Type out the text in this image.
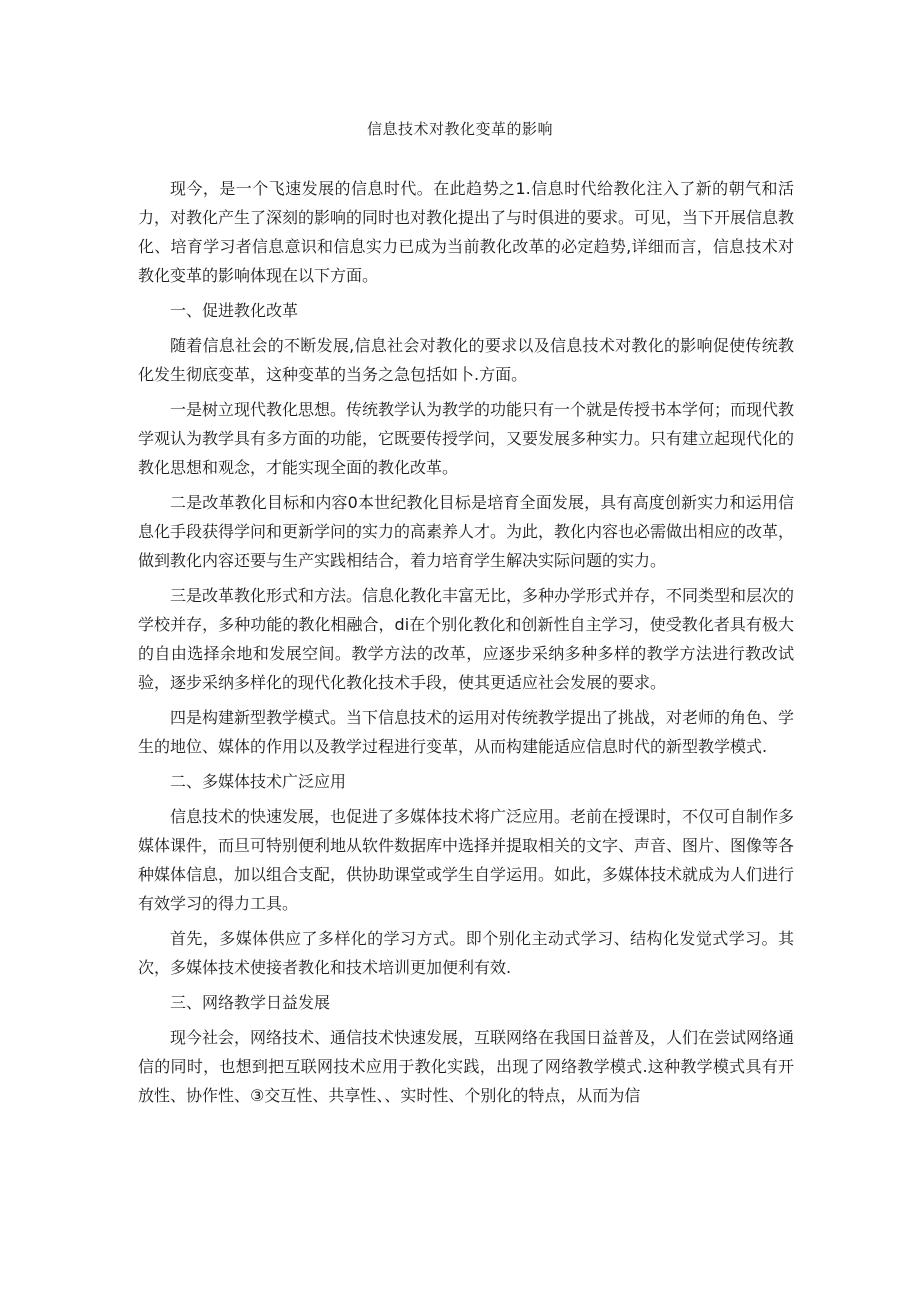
信息技术对教化变革的影响

现今，是一个飞速发展的信息时代。在此趋势之1.信息时代给教化注入了新的朝气和活力，对教化产生了深刻的影响的同时也对教化提出了与时俱进的要求。可见，当下开展信息教化、培育学习者信息意识和信息实力已成为当前教化改革的必定趋势,详细而言，信息技术对教化变革的影响体现在以下方面。

一、促进教化改革

随着信息社会的不断发展,信息社会对教化的要求以及信息技术对教化的影响促使传统教化发生彻底变革，这种变革的当务之急包括如卜.方面。

一是树立现代教化思想。传统教学认为教学的功能只有一个就是传授书本学何；而现代教学观认为教学具有多方面的功能，它既要传授学问，又要发展多种实力。只有建立起现代化的教化思想和观念，才能实现全面的教化改革。

二是改革教化目标和内容0本世纪教化目标是培育全面发展，具有高度创新实力和运用信息化手段获得学问和更新学问的实力的高素养人才。为此，教化内容也必需做出相应的改革，做到教化内容还要与生产实践相结合，着力培育学生解决实际问题的实力。

三是改革教化形式和方法。信息化教化丰富无比，多种办学形式并存，不同类型和层次的学校并存，多种功能的教化相融合，di在个别化教化和创新性自主学习，使受教化者具有极大的自由选择余地和发展空间。教学方法的改革，应逐步采纳多种多样的教学方法进行教改试验，逐步采纳多样化的现代化教化技术手段，使其更适应社会发展的要求。

四是构建新型教学模式。当下信息技术的运用对传统教学提出了挑战，对老师的角色、学生的地位、媒体的作用以及教学过程进行变革，从而构建能适应信息时代的新型教学模式.

二、多媒体技术广泛应用

信息技术的快速发展，也促进了多媒体技术将广泛应用。老前在授课时，不仅可自制作多媒体课件，而旦可特别便利地从软件数据库中选择并提取相关的文字、声音、图片、图像等各种媒体信息，加以组合支配，供协助课堂或学生自学运用。如此，多媒体技术就成为人们进行有效学习的得力工具。

首先，多媒体供应了多样化的学习方式。即个别化主动式学习、结构化发觉式学习。其次，多媒体技术使接者教化和技术培训更加便利有效.

三、网络教学日益发展

现今社会，网络技术、通信技术快速发展，互联网络在我国日益普及，人们在尝试网络通信的同时，也想到把互联网技术应用于教化实践，出现了网络教学模式.这种教学模式具有开放性、协作性、③交互性、共享性、、实时性、个别化的特点，从而为信
